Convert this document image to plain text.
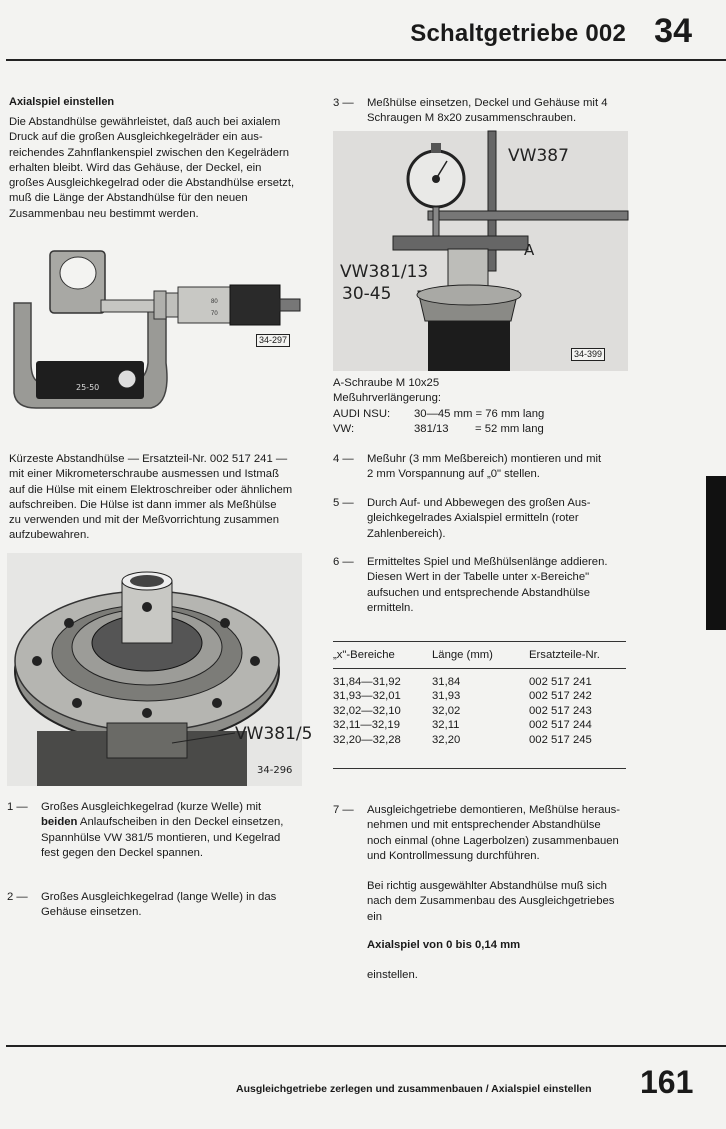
Schaltgetriebe 002 34
Axialspiel einstellen
Die Abstandhülse gewährleistet, daß auch bei axialem
Druck auf die großen Ausgleichkegelräder ein aus-
reichendes Zahnflankenspiel zwischen den Kegelrädern
erhalten bleibt. Wird das Gehäuse, der Deckel, ein
großes Ausgleichkegelrad oder die Abstandhülse ersetzt,
muß die Länge der Abstandhülse für den neuen
Zusammenbau neu bestimmt werden.
25-50
80
70
34-297
Kürzeste Abstandhülse — Ersatzteil-Nr. 002 517 241 —
mit einer Mikrometerschraube ausmessen und Istmaß
auf die Hülse mit einem Elektroschreiber oder ähnlichem
aufschreiben. Die Hülse ist dann immer als Meßhülse
zu verwenden und mit der Meßvorrichtung zusammen
aufzubewahren.
VW381/5
34-296
1 — Großes Ausgleichkegelrad (kurze Welle) mit
beiden Anlaufscheiben in den Deckel einsetzen,
Spannhülse VW 381/5 montieren, und Kegelrad
fest gegen den Deckel spannen.
2 — Großes Ausgleichkegelrad (lange Welle) in das
Gehäuse einsetzen.
3 — Meßhülse einsetzen, Deckel und Gehäuse mit 4
Schraugen M 8x20 zusammenschrauben.
VW387
A
VW381/13
30-45
34-399
A-Schraube M 10x25
Meßuhrverlängerung:
AUDI NSU: 30—45 mm = 76 mm lang
VW:	381/13 = 52 mm lang
4 — Meßuhr (3 mm Meßbereich) montieren und mit
2 mm Vorspannung auf „0" stellen.
5 — Durch Auf- und Abbewegen des großen Aus-
gleichkegelrades Axialspiel ermitteln (roter
Zahlenbereich).
6 — Ermitteltes Spiel und Meßhülsenlänge addieren.
Diesen Wert in der Tabelle unter x-Bereiche"
aufsuchen und entsprechende Abstandhülse
ermitteln.
„x"-Bereiche	Länge (mm)	Ersatzteile-Nr.

31,84—31,92	31,84	002 517 241
31,93—32,01	31,93	002 517 242
32,02—32,10	32,02	002 517 243
32,11—32,19	32,11	002 517 244
32,20—32,28	32,20	002 517 245
7 — Ausgleichgetriebe demontieren, Meßhülse heraus-
nehmen und mit entsprechender Abstandhülse
noch einmal (ohne Lagerbolzen) zusammenbauen
und Kontrollmessung durchführen.
Bei richtig ausgewählter Abstandhülse muß sich
nach dem Zusammenbau des Ausgleichgetriebes
ein
Axialspiel von 0 bis 0,14 mm
einstellen.
Ausgleichgetriebe zerlegen und zusammenbauen / Axialspiel einstellen 161
